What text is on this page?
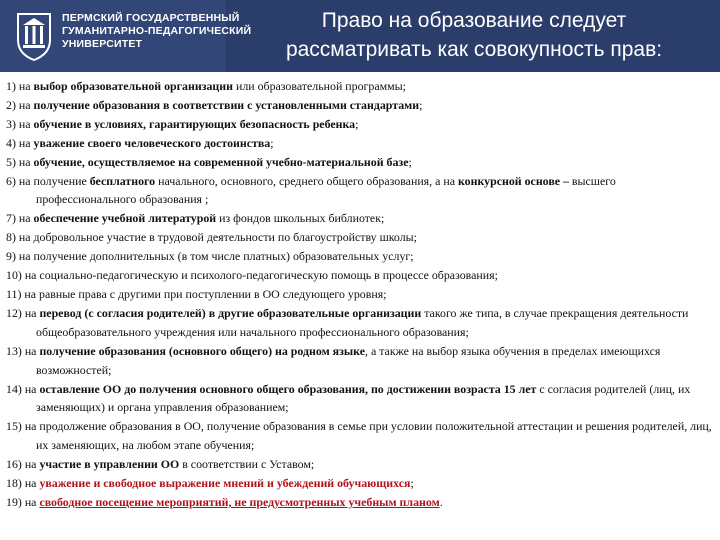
ПЕРМСКИЙ ГОСУДАРСТВЕННЫЙ
ГУМАНИТАРНО-ПЕДАГОГИЧЕСКИЙ
УНИВЕРСИТЕТ
Право на образование следует
рассматривать как совокупность прав:
1) на выбор образовательной организации или образовательной программы;
2) на получение образования в соответствии с установленными стандартами;
3) на обучение в условиях, гарантирующих безопасность ребенка;
4) на уважение своего человеческого достоинства;
5) на обучение, осуществляемое на современной учебно-материальной базе;
6) на получение бесплатного начального, основного, среднего общего образования, а на конкурсной основе – высшего профессионального образования ;
7) на обеспечение учебной литературой из фондов школьных библиотек;
8) на добровольное участие в трудовой деятельности по благоустройству школы;
9) на получение дополнительных (в том числе платных) образовательных услуг;
10) на социально-педагогическую и психолого-педагогическую помощь в процессе образования;
11) на равные права с другими при поступлении в ОО следующего уровня;
12) на перевод (с согласия родителей) в другие образовательные организации такого же типа, в случае прекращения деятельности общеобразовательного учреждения или начального профессионального образования;
13) на получение образования (основного общего) на родном языке, а также на выбор языка обучения в пределах имеющихся возможностей;
14) на оставление ОО до получения основного общего образования, по достижении возраста 15 лет с согласия родителей (лиц, их заменяющих) и органа управления образованием;
15) на продолжение образования в ОО, получение образования в семье при условии положительной аттестации и решения родителей, лиц, их заменяющих, на любом этапе обучения;
16) на участие в управлении ОО в соответствии с Уставом;
18) на уважение и свободное выражение мнений и убеждений обучающихся;
19) на свободное посещение мероприятий, не предусмотренных учебным планом.
